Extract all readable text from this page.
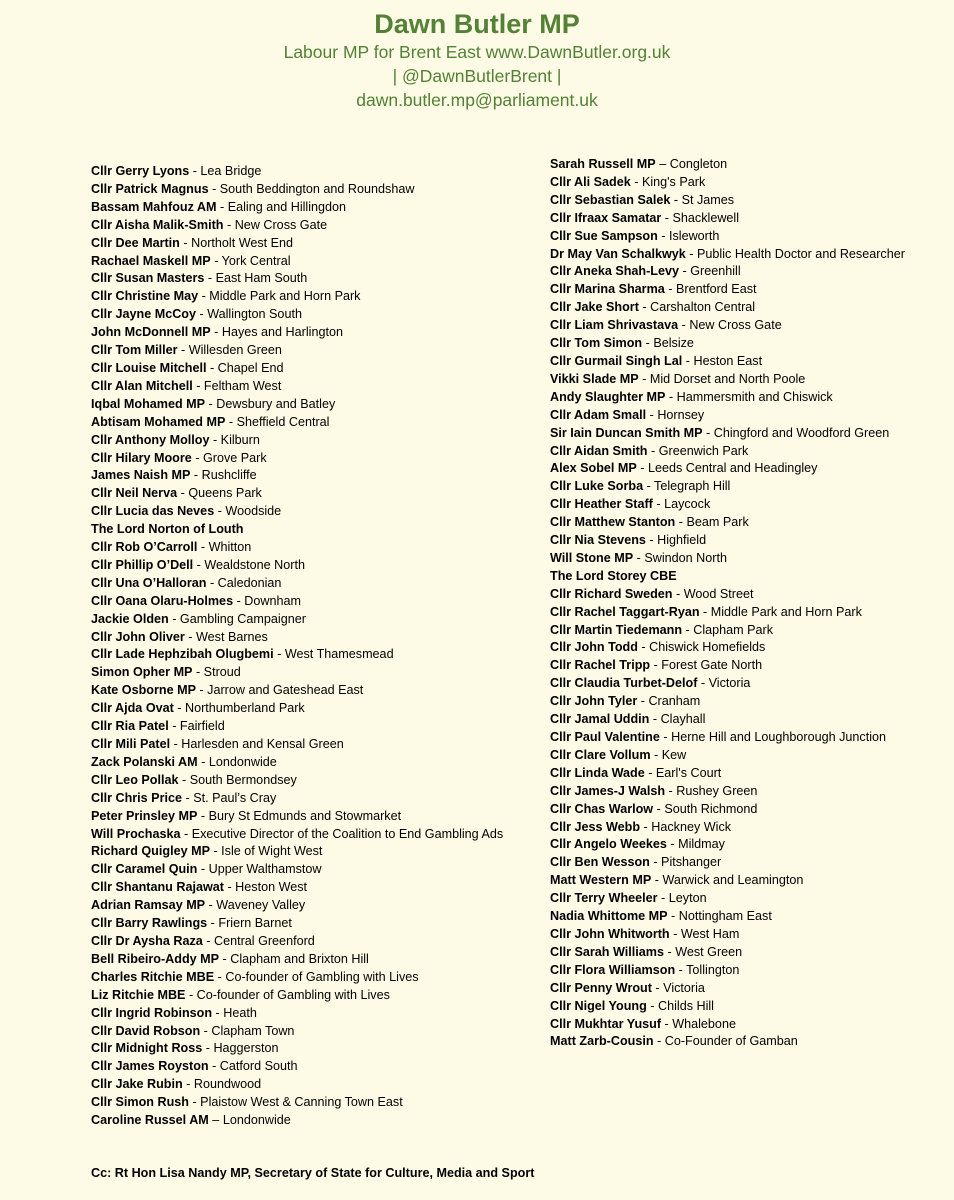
Dawn Butler MP
Labour MP for Brent East www.DawnButler.org.uk
| @DawnButlerBrent |
dawn.butler.mp@parliament.uk
Cllr Gerry Lyons - Lea Bridge
Cllr Patrick Magnus - South Beddington and Roundshaw
Bassam Mahfouz AM - Ealing and Hillingdon
Cllr Aisha Malik-Smith - New Cross Gate
Cllr Dee Martin - Northolt West End
Rachael Maskell MP - York Central
Cllr Susan Masters - East Ham South
Cllr Christine May - Middle Park and Horn Park
Cllr Jayne McCoy - Wallington South
John McDonnell MP - Hayes and Harlington
Cllr Tom Miller - Willesden Green
Cllr Louise Mitchell - Chapel End
Cllr Alan Mitchell - Feltham West
Iqbal Mohamed MP - Dewsbury and Batley
Abtisam Mohamed MP - Sheffield Central
Cllr Anthony Molloy - Kilburn
Cllr Hilary Moore - Grove Park
James Naish MP - Rushcliffe
Cllr Neil Nerva - Queens Park
Cllr Lucia das Neves - Woodside
The Lord Norton of Louth
Cllr Rob O’Carroll - Whitton
Cllr Phillip O’Dell - Wealdstone North
Cllr Una O’Halloran - Caledonian
Cllr Oana Olaru-Holmes - Downham
Jackie Olden - Gambling Campaigner
Cllr John Oliver - West Barnes
Cllr Lade Hephzibah Olugbemi - West Thamesmead
Simon Opher MP - Stroud
Kate Osborne MP - Jarrow and Gateshead East
Cllr Ajda Ovat - Northumberland Park
Cllr Ria Patel - Fairfield
Cllr Mili Patel - Harlesden and Kensal Green
Zack Polanski AM - Londonwide
Cllr Leo Pollak - South Bermondsey
Cllr Chris Price - St. Paul’s Cray
Peter Prinsley MP - Bury St Edmunds and Stowmarket
Will Prochaska - Executive Director of the Coalition to End Gambling Ads
Richard Quigley MP - Isle of Wight West
Cllr Caramel Quin - Upper Walthamstow
Cllr Shantanu Rajawat - Heston West
Adrian Ramsay MP - Waveney Valley
Cllr Barry Rawlings - Friern Barnet
Cllr Dr Aysha Raza - Central Greenford
Bell Ribeiro-Addy MP - Clapham and Brixton Hill
Charles Ritchie MBE - Co-founder of Gambling with Lives
Liz Ritchie MBE - Co-founder of Gambling with Lives
Cllr Ingrid Robinson - Heath
Cllr David Robson - Clapham Town
Cllr Midnight Ross - Haggerston
Cllr James Royston - Catford South
Cllr Jake Rubin - Roundwood
Cllr Simon Rush - Plaistow West & Canning Town East
Caroline Russel AM – Londonwide
Sarah Russell MP – Congleton
Cllr Ali Sadek - King's Park
Cllr Sebastian Salek - St James
Cllr Ifraax Samatar - Shacklewell
Cllr Sue Sampson - Isleworth
Dr May Van Schalkwyk - Public Health Doctor and Researcher
Cllr Aneka Shah-Levy - Greenhill
Cllr Marina Sharma - Brentford East
Cllr Jake Short - Carshalton Central
Cllr Liam Shrivastava - New Cross Gate
Cllr Tom Simon - Belsize
Cllr Gurmail Singh Lal - Heston East
Vikki Slade MP - Mid Dorset and North Poole
Andy Slaughter MP - Hammersmith and Chiswick
Cllr Adam Small - Hornsey
Sir Iain Duncan Smith MP - Chingford and Woodford Green
Cllr Aidan Smith - Greenwich Park
Alex Sobel MP - Leeds Central and Headingley
Cllr Luke Sorba - Telegraph Hill
Cllr Heather Staff - Laycock
Cllr Matthew Stanton - Beam Park
Cllr Nia Stevens - Highfield
Will Stone MP - Swindon North
The Lord Storey CBE
Cllr Richard Sweden - Wood Street
Cllr Rachel Taggart-Ryan - Middle Park and Horn Park
Cllr Martin Tiedemann - Clapham Park
Cllr John Todd - Chiswick Homefields
Cllr Rachel Tripp - Forest Gate North
Cllr Claudia Turbet-Delof - Victoria
Cllr John Tyler - Cranham
Cllr Jamal Uddin - Clayhall
Cllr Paul Valentine - Herne Hill and Loughborough Junction
Cllr Clare Vollum - Kew
Cllr Linda Wade - Earl's Court
Cllr James-J Walsh - Rushey Green
Cllr Chas Warlow - South Richmond
Cllr Jess Webb - Hackney Wick
Cllr Angelo Weekes - Mildmay
Cllr Ben Wesson - Pitshanger
Matt Western MP - Warwick and Leamington
Cllr Terry Wheeler - Leyton
Nadia Whittome MP - Nottingham East
Cllr John Whitworth - West Ham
Cllr Sarah Williams - West Green
Cllr Flora Williamson - Tollington
Cllr Penny Wrout - Victoria
Cllr Nigel Young - Childs Hill
Cllr Mukhtar Yusuf - Whalebone
Matt Zarb-Cousin - Co-Founder of Gamban
Cc: Rt Hon Lisa Nandy MP, Secretary of State for Culture, Media and Sport
